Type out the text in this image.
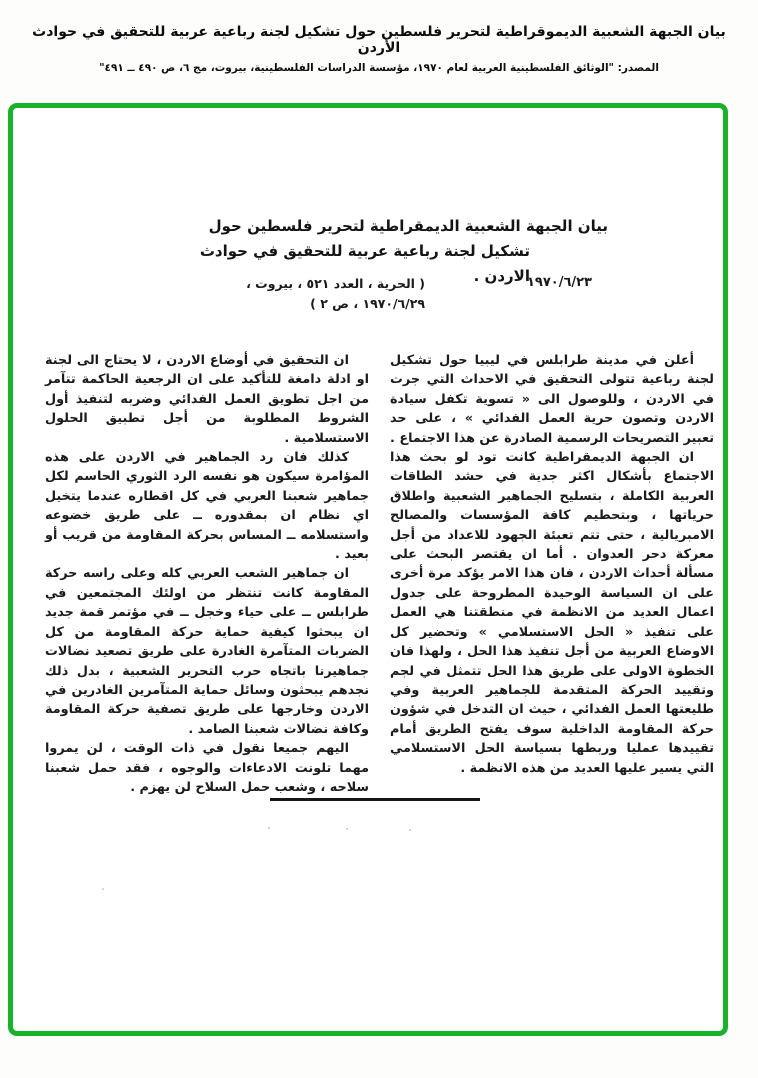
بيان الجبهة الشعبية الديموقراطية لتحرير فلسطين حول تشكيل لجنة رباعية عربية للتحقيق في حوادث الأردن
المصدر: "الوثائق الفلسطينية العربية لعام ١٩٧٠، مؤسسة الدراسات الفلسطينية، بيروت، مج ٦، ص ٤٩٠ ــ ٤٩١"
بيان الجبهة الشعبية الديمقراطية لتحرير فلسطين حول
تشكيل لجنة رباعية عربية للتحقيق في حوادث الاردن .
١٩٧٠/٦/٢٣
( الحرية ، العدد ٥٢١ ، بيروت ،
١٩٧٠/٦/٢٩ ، ص ٢ )

أعلن في مدينة طرابلس في ليبيا حول تشكيل لجنة رباعية تتولى التحقيق في الاحداث التي جرت في الاردن ، وللوصول الى « تسوية تكفل سيادة الاردن وتصون حرية العمل الفدائي » ، على حد تعبير التصريحات الرسمية الصادرة عن هذا الاجتماع .

ان الجبهة الديمقراطية كانت تود لو بحث هذا الاجتماع بأشكال اكثر جدية في حشد الطاقات العربية الكاملة ، بتسليح الجماهير الشعبية واطلاق حرياتها ، وبتحطيم كافة المؤسسات والمصالح الامبريالية ، حتى تتم تعبئة الجهود للاعداد من أجل معركة دحر العدوان . أما ان يقتصر البحث على مسألة أحداث الاردن ، فان هذا الامر يؤكد مرة أخرى على ان السياسة الوحيدة المطروحة على جدول اعمال العديد من الانظمة في منطقتنا هي العمل على تنفيذ « الحل الاستسلامي » وتحضير كل الاوضاع العربية من أجل تنفيذ هذا الحل ، ولهذا فان الخطوة الاولى على طريق هذا الحل تتمثل في لجم وتقييد الحركة المتقدمة للجماهير العربية وفي طليعتها العمل الفدائي ، حيث ان التدخل في شؤون حركة المقاومة الداخلية سوف يفتح الطريق أمام تقييدها عمليا وربطها بسياسة الحل الاستسلامي التي يسير عليها العديد من هذه الانظمة .

ان التحقيق في أوضاع الاردن ، لا يحتاج الى لجنة او ادلة دامغة للتأكيد على ان الرجعية الحاكمة تتآمر من اجل تطويق العمل الفدائي وضربه لتنفيذ أول الشروط المطلوبة من أجل تطبيق الحلول الاستسلامية .

كذلك فان رد الجماهير في الاردن على هذه المؤامرة سيكون هو نفسه الرد الثوري الحاسم لكل جماهير شعبنا العربي في كل اقطاره عندما يتخيل اي نظام ان بمقدوره ــ على طريق خضوعه واستسلامه ــ المساس بحركة المقاومة من قريب أو بعيد .

ان جماهير الشعب العربي كله وعلى راسه حركة المقاومة كانت تنتظر من اولئك المجتمعين في طرابلس ــ على حياء وخجل ــ في مؤتمر قمة جديد ان يبحثوا كيفية حماية حركة المقاومة من كل الضربات المتآمرة الغادرة على طريق تصعيد نضالات جماهيرنا باتجاه حرب التحرير الشعبية ، بدل ذلك نجدهم يبحثون وسائل حماية المتآمرين الغادرين في الاردن وخارجها على طريق تصفية حركة المقاومة وكافة نضالات شعبنا الصامد .

اليهم جميعا نقول في ذات الوقت ، لن يمروا مهما تلونت الادعاءات والوجوه ، فقد حمل شعبنا سلاحه ، وشعب حمل السلاح لن يهزم .
